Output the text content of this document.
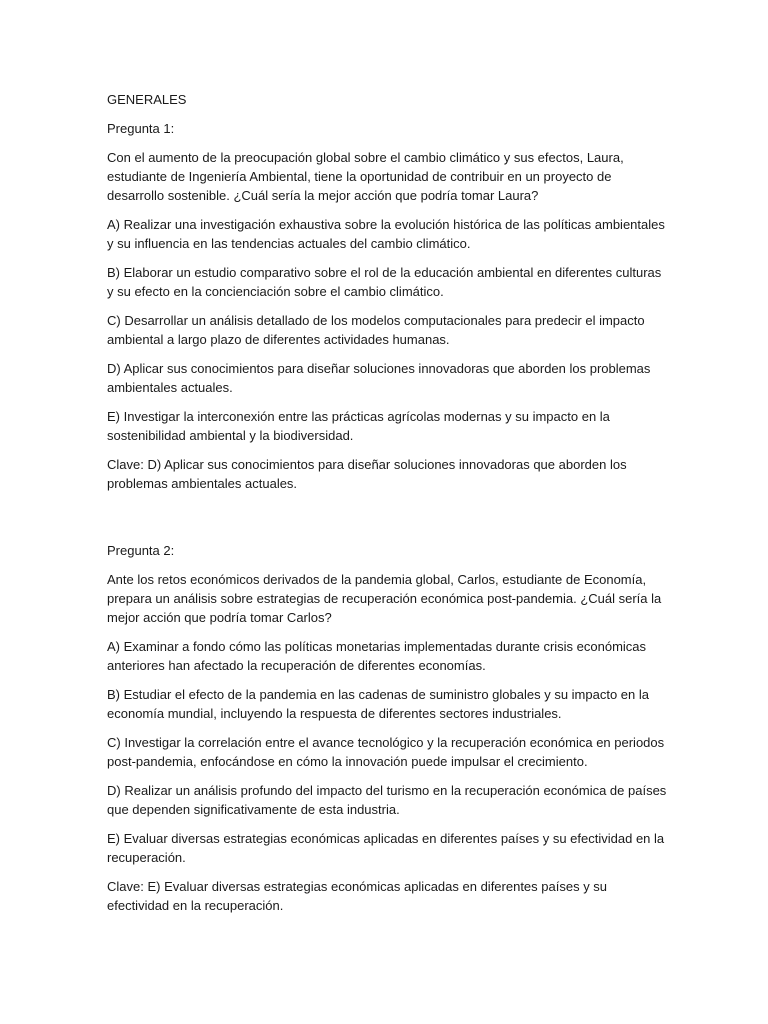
GENERALES

Pregunta 1:

Con el aumento de la preocupación global sobre el cambio climático y sus efectos, Laura, estudiante de Ingeniería Ambiental, tiene la oportunidad de contribuir en un proyecto de desarrollo sostenible. ¿Cuál sería la mejor acción que podría tomar Laura?

A) Realizar una investigación exhaustiva sobre la evolución histórica de las políticas ambientales y su influencia en las tendencias actuales del cambio climático.

B) Elaborar un estudio comparativo sobre el rol de la educación ambiental en diferentes culturas y su efecto en la concienciación sobre el cambio climático.

C) Desarrollar un análisis detallado de los modelos computacionales para predecir el impacto ambiental a largo plazo de diferentes actividades humanas.

D) Aplicar sus conocimientos para diseñar soluciones innovadoras que aborden los problemas ambientales actuales.

E) Investigar la interconexión entre las prácticas agrícolas modernas y su impacto en la sostenibilidad ambiental y la biodiversidad.

Clave: D) Aplicar sus conocimientos para diseñar soluciones innovadoras que aborden los problemas ambientales actuales.

Pregunta 2:

Ante los retos económicos derivados de la pandemia global, Carlos, estudiante de Economía, prepara un análisis sobre estrategias de recuperación económica post-pandemia. ¿Cuál sería la mejor acción que podría tomar Carlos?

A) Examinar a fondo cómo las políticas monetarias implementadas durante crisis económicas anteriores han afectado la recuperación de diferentes economías.

B) Estudiar el efecto de la pandemia en las cadenas de suministro globales y su impacto en la economía mundial, incluyendo la respuesta de diferentes sectores industriales.

C) Investigar la correlación entre el avance tecnológico y la recuperación económica en periodos post-pandemia, enfocándose en cómo la innovación puede impulsar el crecimiento.

D) Realizar un análisis profundo del impacto del turismo en la recuperación económica de países que dependen significativamente de esta industria.

E) Evaluar diversas estrategias económicas aplicadas en diferentes países y su efectividad en la recuperación.

Clave: E) Evaluar diversas estrategias económicas aplicadas en diferentes países y su efectividad en la recuperación.
